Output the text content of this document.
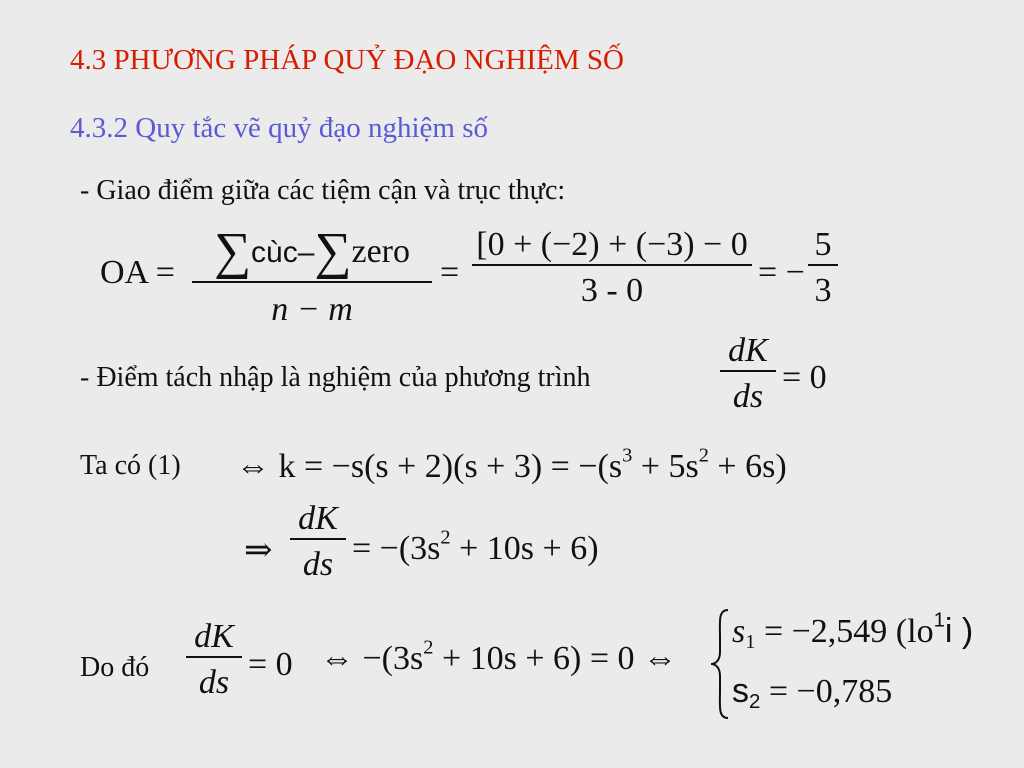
4.3 PHƯƠNG PHÁP QUỶ ĐẠO NGHIỆM SỐ
4.3.2 Quy tắc vẽ quỷ đạo nghiệm số
- Giao điểm giữa các tiệm cận và trục thực:
OA = ∑cùc–∑zero
n − m
=
[0 + (−2) + (−3) − 0
3 - 0	= −
5
3
- Điểm tách nhập là nghiệm của phương trình
dK
ds
= 0
Ta có (1) ⇔ $k = -s(s + 2)(s + 3) = -(s^3 + 5s^2 + 6s)$
⇒
dK
ds = $-(3s^2 + 10s + 6)$
Do đó
dK
ds = 0 ⇔ $-(3s^2 + 10s + 6) = 0$ ⇔
$s_1 = -2,549$ ($lo^1i$ )
$s_2 = -0,785$
